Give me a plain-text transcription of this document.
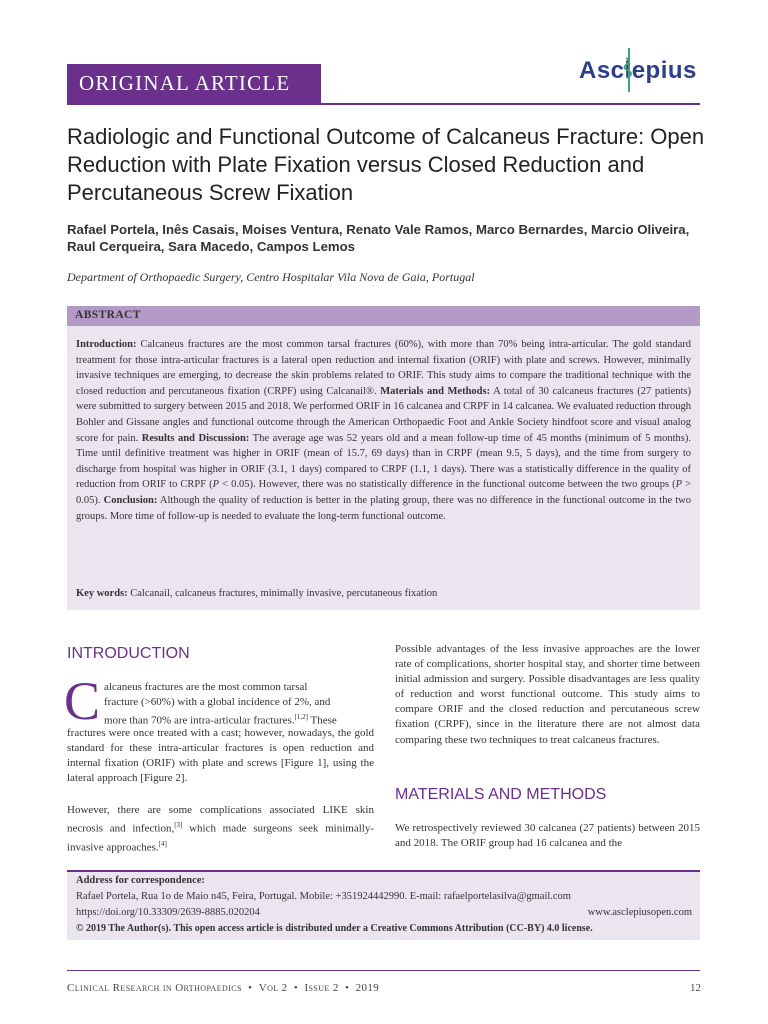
ORIGINAL ARTICLE	Asclepius
Radiologic and Functional Outcome of Calcaneus Fracture: Open Reduction with Plate Fixation versus Closed Reduction and Percutaneous Screw Fixation
Rafael Portela, Inês Casais, Moises Ventura, Renato Vale Ramos, Marco Bernardes, Marcio Oliveira, Raul Cerqueira, Sara Macedo, Campos Lemos
Department of Orthopaedic Surgery, Centro Hospitalar Vila Nova de Gaia, Portugal
ABSTRACT

Introduction: Calcaneus fractures are the most common tarsal fractures (60%), with more than 70% being intra-articular. The gold standard treatment for those intra-articular fractures is a lateral open reduction and internal fixation (ORIF) with plate and screws. However, minimally invasive techniques are emerging, to decrease the skin problems related to ORIF. This study aims to compare the traditional technique with the closed reduction and percutaneous fixation (CRPF) using Calcanail®. Materials and Methods: A total of 30 calcaneus fractures (27 patients) were submitted to surgery between 2015 and 2018. We performed ORIF in 16 calcanea and CRPF in 14 calcanea. We evaluated reduction through Bohler and Gissane angles and functional outcome through the American Orthopaedic Foot and Ankle Society hindfoot score and visual analog score for pain. Results and Discussion: The average age was 52 years old and a mean follow-up time of 45 months (minimum of 5 months). Time until definitive treatment was higher in ORIF (mean of 15.7, 69 days) than in CRPF (mean 9.5, 5 days), and the time from surgery to discharge from hospital was higher in ORIF (3.1, 1 days) compared to CRPF (1.1, 1 days). There was a statistically difference in the quality of reduction from ORIF to CRPF (P < 0.05). However, there was no statistically difference in the functional outcome between the two groups (P > 0.05). Conclusion: Although the quality of reduction is better in the plating group, there was no difference in the functional outcome in the two groups. More time of follow-up is needed to evaluate the long-term functional outcome.

Key words: Calcanail, calcaneus fractures, minimally invasive, percutaneous fixation
INTRODUCTION
C alcaneus fractures are the most common tarsal
fracture (>60%) with a global incidence of 2%, and
more than 70% are intra-articular fractures.[1,2] These

fractures were once treated with a cast; however, nowadays, the gold standard for these intra-articular fractures is open reduction and internal fixation (ORIF) with plate and screws [Figure 1], using the lateral approach [Figure 2].

However, there are some complications associated LIKE skin necrosis and infection,[3] which made surgeons seek minimally-invasive approaches.[4]

Possible advantages of the less invasive approaches are the lower rate of complications, shorter hospital stay, and shorter time between initial admission and surgery. Possible disadvantages are less quality of reduction and worst functional outcome. This study aims to compare ORIF and the closed reduction and percutaneous screw fixation (CRPF), since in the literature there are not almost data comparing these two techniques to treat calcaneus fractures.

MATERIALS AND METHODS

We retrospectively reviewed 30 calcanea (27 patients) between 2015 and 2018. The ORIF group had 16 calcanea and the

Address for correspondence:
Rafael Portela, Rua 1o de Maio n45, Feira, Portugal. Mobile: +351924442990. E-mail: rafaelportelasilva@gmail.com
https://doi.org/10.33309/2639-8885.020204	www.asclepiusopen.com
© 2019 The Author(s). This open access article is distributed under a Creative Commons Attribution (CC-BY) 4.0 license.
Clinical Research in Orthopaedics  •  Vol 2  •  Issue 2  •  2019	12
